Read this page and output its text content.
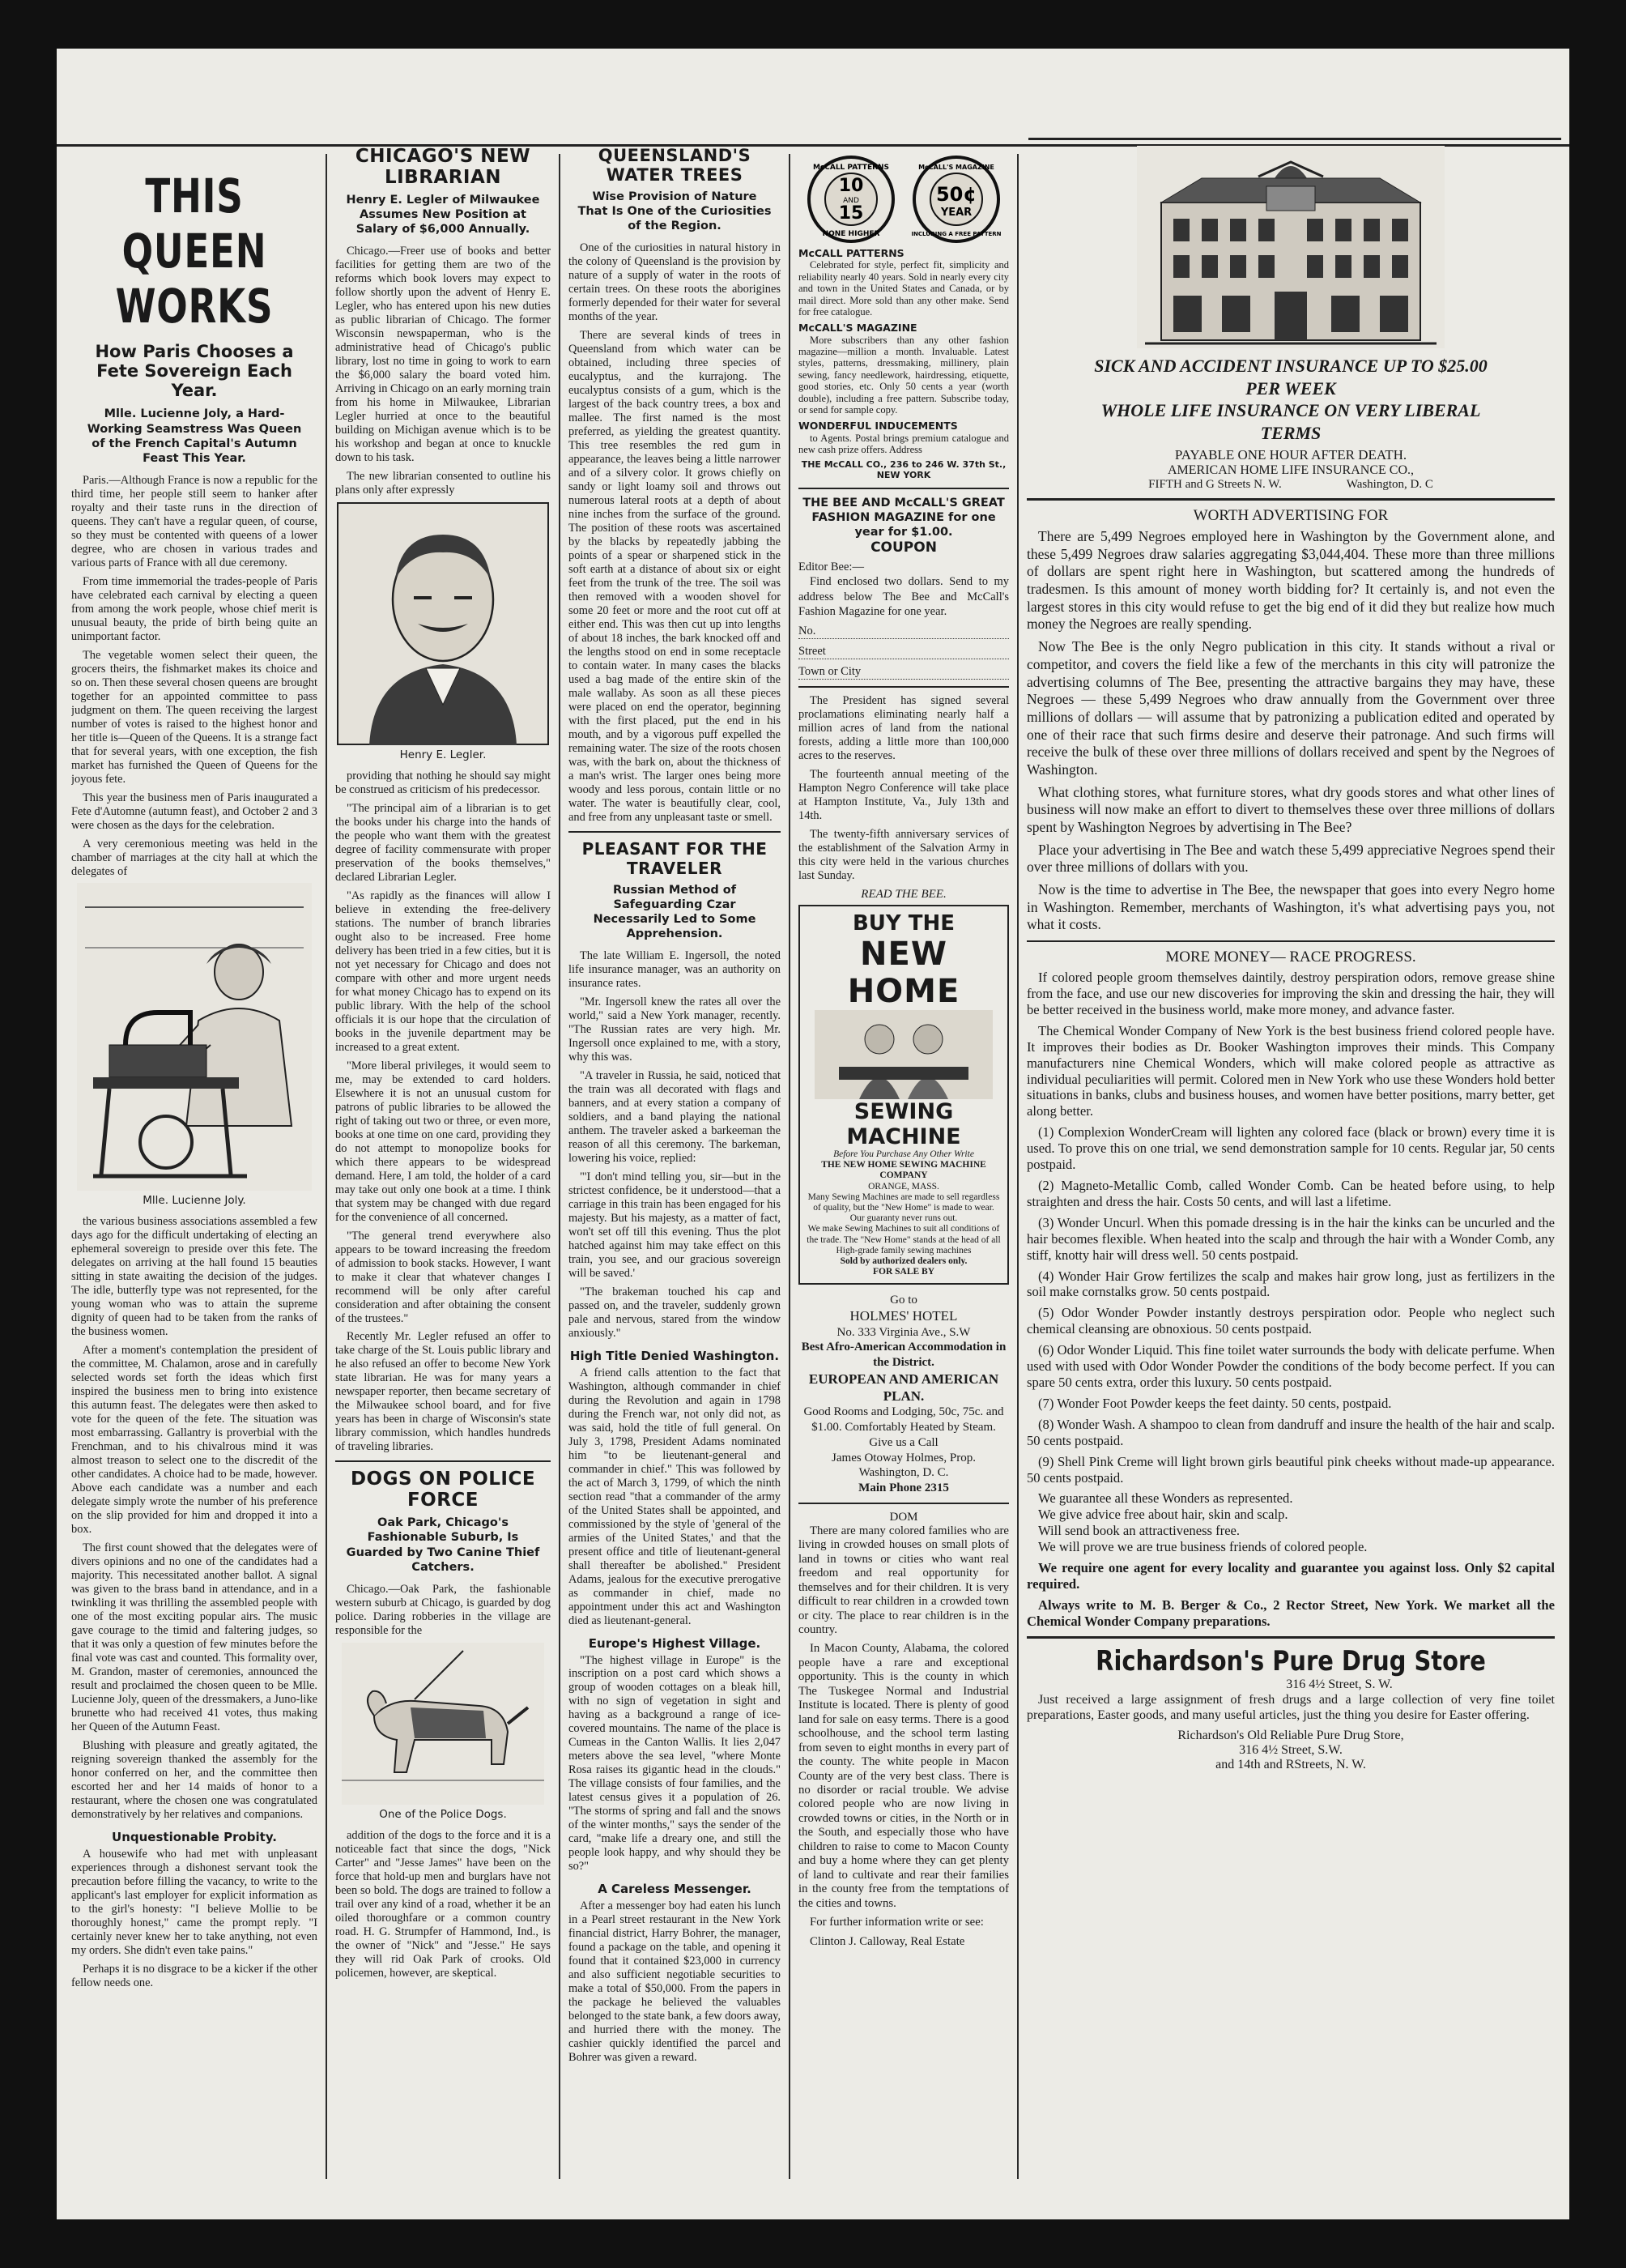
THIS QUEEN WORKS
How Paris Chooses a Fete Sovereign Each Year.
Mlle. Lucienne Joly, a Hard-Working Seamstress Was Queen of the French Capital's Autumn Feast This Year.

Paris.—Although France is now a republic for the third time, her people still seem to hanker after royalty and their taste runs in the direction of queens. They can't have a regular queen, of course, so they must be contented with queens of a lower degree, who are chosen in various trades and various parts of France with all due ceremony.

From time immemorial the trades-people of Paris have celebrated each carnival by electing a queen from among the work people, whose chief merit is unusual beauty, the pride of birth being quite an unimportant factor.

The vegetable women select their queen, the grocers theirs, the fishmarket makes its choice and so on. Then these several chosen queens are brought together for an appointed committee to pass judgment on them. The queen receiving the largest number of votes is raised to the highest honor and her title is—Queen of the Queens. It is a strange fact that for several years, with one exception, the fish market has furnished the Queen of Queens for the joyous fete.

This year the business men of Paris inaugurated a Fete d'Automne (autumn feast), and October 2 and 3 were chosen as the days for the celebration.

A very ceremonious meeting was held in the chamber of marriages at the city hall at which the delegates of

Mlle. Lucienne Joly.

the various business associations assembled a few days ago for the difficult undertaking of electing an ephemeral sovereign to preside over this fete. The delegates on arriving at the hall found 15 beauties sitting in state awaiting the decision of the judges. The idle, butterfly type was not represented, for the young woman who was to attain the supreme dignity of queen had to be taken from the ranks of the business women.

After a moment's contemplation the president of the committee, M. Chalamon, arose and in carefully selected words set forth the ideas which first inspired the business men to bring into existence this autumn feast. The delegates were then asked to vote for the queen of the fete. The situation was most embarrassing. Gallantry is proverbial with the Frenchman, and to his chivalrous mind it was almost treason to select one to the discredit of the other candidates. A choice had to be made, however. Above each candidate was a number and each delegate simply wrote the number of his preference on the slip provided for him and dropped it into a box.

The first count showed that the delegates were of divers opinions and no one of the candidates had a majority. This necessitated another ballot. A signal was given to the brass band in attendance, and in a twinkling it was thrilling the assembled people with one of the most exciting popular airs. The music gave courage to the timid and faltering judges, so that it was only a question of few minutes before the final vote was cast and counted. This formality over, M. Grandon, master of ceremonies, announced the result and proclaimed the chosen queen to be Mlle. Lucienne Joly, queen of the dressmakers, a Juno-like brunette who had received 41 votes, thus making her Queen of the Autumn Feast.

Blushing with pleasure and greatly agitated, the reigning sovereign thanked the assembly for the honor conferred on her, and the committee then escorted her and her 14 maids of honor to a restaurant, where the chosen one was congratulated demonstratively by her relatives and companions.

Unquestionable Probity.

A housewife who had met with unpleasant experiences through a dishonest servant took the precaution before filling the vacancy, to write to the applicant's last employer for explicit information as to the girl's honesty: "I believe Mollie to be thoroughly honest," came the prompt reply. "I certainly never knew her to take anything, not even my orders. She didn't even take pains."

Perhaps it is no disgrace to be a kicker if the other fellow needs one.

CHICAGO'S NEW LIBRARIAN
Henry E. Legler of Milwaukee Assumes New Position at Salary of $6,000 Annually.

Chicago.—Freer use of books and better facilities for getting them are two of the reforms which book lovers may expect to follow shortly upon the advent of Henry E. Legler, who has entered upon his new duties as public librarian of Chicago. The former Wisconsin newspaperman, who is the administrative head of Chicago's public library, lost no time in going to work to earn the $6,000 salary the board voted him. Arriving in Chicago on an early morning train from his home in Milwaukee, Librarian Legler hurried at once to the beautiful building on Michigan avenue which is to be his workshop and began at once to knuckle down to his task.

The new librarian consented to outline his plans only after expressly

Henry E. Legler.

providing that nothing he should say might be construed as criticism of his predecessor.

"The principal aim of a librarian is to get the books under his charge into the hands of the people who want them with the greatest degree of facility commensurate with proper preservation of the books themselves," declared Librarian Legler.

"As rapidly as the finances will allow I believe in extending the free-delivery stations. The number of branch libraries ought also to be increased. Free home delivery has been tried in a few cities, but it is not yet necessary for Chicago and does not compare with other and more urgent needs for what money Chicago has to expend on its public library. With the help of the school officials it is our hope that the circulation of books in the juvenile department may be increased to a great extent.

"More liberal privileges, it would seem to me, may be extended to card holders. Elsewhere it is not an unusual custom for patrons of public libraries to be allowed the right of taking out two or three, or even more, books at one time on one card, providing they do not attempt to monopolize books for which there appears to be widespread demand. Here, I am told, the holder of a card may take out only one book at a time. I think that system may be changed with due regard for the convenience of all concerned.

"The general trend everywhere also appears to be toward increasing the freedom of admission to book stacks. However, I want to make it clear that whatever changes I recommend will be only after careful consideration and after obtaining the consent of the trustees."

Recently Mr. Legler refused an offer to take charge of the St. Louis public library and he also refused an offer to become New York state librarian. He was for many years a newspaper reporter, then became secretary of the Milwaukee school board, and for five years has been in charge of Wisconsin's state library commission, which handles hundreds of traveling libraries.

DOGS ON POLICE FORCE
Oak Park, Chicago's Fashionable Suburb, Is Guarded by Two Canine Thief Catchers.

Chicago.—Oak Park, the fashionable western suburb at Chicago, is guarded by dog police. Daring robberies in the village are responsible for the

One of the Police Dogs.

addition of the dogs to the force and it is a noticeable fact that since the dogs, "Nick Carter" and "Jesse James" have been on the force that hold-up men and burglars have not been so bold. The dogs are trained to follow a trail over any kind of a road, whether it be an oiled thoroughfare or a common country road. H. G. Strumpfer of Hammond, Ind., is the owner of "Nick" and "Jesse." He says they will rid Oak Park of crooks. Old policemen, however, are skeptical.

QUEENSLAND'S WATER TREES
Wise Provision of Nature That Is One of the Curiosities of the Region.

One of the curiosities in natural history in the colony of Queensland is the provision by nature of a supply of water in the roots of certain trees. On these roots the aborigines formerly depended for their water for several months of the year.

There are several kinds of trees in Queensland from which water can be obtained, including three species of eucalyptus, and the kurrajong. The eucalyptus consists of a gum, which is the largest of the back country trees, a box and mallee. The first named is the most preferred, as yielding the greatest quantity. This tree resembles the red gum in appearance, the leaves being a little narrower and of a silvery color. It grows chiefly on sandy or light loamy soil and throws out numerous lateral roots at a depth of about nine inches from the surface of the ground. The position of these roots was ascertained by the blacks by repeatedly jabbing the points of a spear or sharpened stick in the soft earth at a distance of about six or eight feet from the trunk of the tree. The soil was then removed with a wooden shovel for some 20 feet or more and the root cut off at either end. This was then cut up into lengths of about 18 inches, the bark knocked off and the lengths stood on end in some receptacle to contain water. In many cases the blacks used a bag made of the entire skin of the male wallaby. As soon as all these pieces were placed on end the operator, beginning with the first placed, put the end in his mouth, and by a vigorous puff expelled the remaining water. The size of the roots chosen was, with the bark on, about the thickness of a man's wrist. The larger ones being more woody and less porous, contain little or no water. The water is beautifully clear, cool, and free from any unpleasant taste or smell.

PLEASANT FOR THE TRAVELER
Russian Method of Safeguarding Czar Necessarily Led to Some Apprehension.

The late William E. Ingersoll, the noted life insurance manager, was an authority on insurance rates.

"Mr. Ingersoll knew the rates all over the world," said a New York manager, recently. "The Russian rates are very high. Mr. Ingersoll once explained to me, with a story, why this was.

"A traveler in Russia, he said, noticed that the train was all decorated with flags and banners, and at every station a company of soldiers, and a band playing the national anthem. The traveler asked a barkeeman the reason of all this ceremony. The barkeman, lowering his voice, replied:

"'I don't mind telling you, sir—but in the strictest confidence, be it understood—that a carriage in this train has been engaged for his majesty. But his majesty, as a matter of fact, won't set off till this evening. Thus the plot hatched against him may take effect on this train, you see, and our gracious sovereign will be saved.'

"The brakeman touched his cap and passed on, and the traveler, suddenly grown pale and nervous, stared from the window anxiously."

High Title Denied Washington.

A friend calls attention to the fact that Washington, although commander in chief during the Revolution and again in 1798 during the French war, not only did not, as was said, hold the title of full general. On July 3, 1798, President Adams nominated him "to be lieutenant-general and commander in chief." This was followed by the act of March 3, 1799, of which the ninth section read "that a commander of the army of the United States shall be appointed, and commissioned by the style of 'general of the armies of the United States,' and that the present office and title of lieutenant-general shall thereafter be abolished." President Adams, jealous for the executive prerogative as commander in chief, made no appointment under this act and Washington died as lieutenant-general.

Europe's Highest Village.

"The highest village in Europe" is the inscription on a post card which shows a group of wooden cottages on a bleak hill, with no sign of vegetation in sight and having as a background a range of ice-covered mountains. The name of the place is Cumeas in the Canton Wallis. It lies 2,047 meters above the sea level, "where Monte Rosa raises its gigantic head in the clouds." The village consists of four families, and the latest census gives it a population of 26. "The storms of spring and fall and the snows of the winter months," says the sender of the card, "make life a dreary one, and still the people look happy, and why should they be so?"

A Careless Messenger.

After a messenger boy had eaten his lunch in a Pearl street restaurant in the New York financial district, Harry Bohrer, the manager, found a package on the table, and opening it found that it contained $23,000 in currency and also sufficient negotiable securities to make a total of $50,000. From the papers in the package he believed the valuables belonged to the state bank, a few doors away, and hurried there with the money. The cashier quickly identified the parcel and Bohrer was given a reward.

10
AND
15
McCALL PATTERNS
NONE HIGHER
50¢
YEAR
McCALL'S MAGAZINE
INCLUDING A FREE PATTERN
McCALL PATTERNS

Celebrated for style, perfect fit, simplicity and reliability nearly 40 years. Sold in nearly every city and town in the United States and Canada, or by mail direct. More sold than any other make. Send for free catalogue.

McCALL'S MAGAZINE

More subscribers than any other fashion magazine—million a month. Invaluable. Latest styles, patterns, dressmaking, millinery, plain sewing, fancy needlework, hairdressing, etiquette, good stories, etc. Only 50 cents a year (worth double), including a free pattern. Subscribe today, or send for sample copy.

WONDERFUL INDUCEMENTS

to Agents. Postal brings premium catalogue and new cash prize offers. Address

THE McCALL CO., 236 to 246 W. 37th St., NEW YORK
THE BEE AND McCALL'S GREAT FASHION MAGAZINE for one year for $1.00.
COUPON
Editor Bee:—

Find enclosed two dollars. Send to my address below The Bee and McCall's Fashion Magazine for one year.

No.
Street
Town or City

The President has signed several proclamations eliminating nearly half a million acres of land from the national forests, adding a little more than 100,000 acres to the reserves.

The fourteenth annual meeting of the Hampton Negro Conference will take place at Hampton Institute, Va., July 13th and 14th.

The twenty-fifth anniversary services of the establishment of the Salvation Army in this city were held in the various churches last Sunday.

READ THE BEE.
BUY THE
NEW HOME
SEWING MACHINE
Before You Purchase Any Other Write
THE NEW HOME SEWING MACHINE COMPANY
ORANGE, MASS.
Many Sewing Machines are made to sell regardless of quality, but the "New Home" is made to wear. Our guaranty never runs out.
We make Sewing Machines to suit all conditions of the trade. The "New Home" stands at the head of all High-grade family sewing machines
Sold by authorized dealers only.
FOR SALE BY
Go to
HOLMES' HOTEL
No. 333 Virginia Ave., S.W
Best Afro-American Accommodation in the District.
EUROPEAN AND AMERICAN PLAN.
Good Rooms and Lodging, 50c, 75c. and $1.00. Comfortably Heated by Steam. Give us a Call
James Otoway Holmes, Prop.
Washington, D. C.
Main Phone 2315
DOM

There are many colored families who are living in crowded houses on small plots of land in towns or cities who want real freedom and real opportunity for themselves and for their children. It is very difficult to rear children in a crowded town or city. The place to rear children is in the country.

In Macon County, Alabama, the colored people have a rare and exceptional opportunity. This is the county in which The Tuskegee Normal and Industrial Institute is located. There is plenty of good land for sale on easy terms. There is a good schoolhouse, and the school term lasting from seven to eight months in every part of the county. The white people in Macon County are of the very best class. There is no disorder or racial trouble. We advise colored people who are now living in crowded towns or cities, in the North or in the South, and especially those who have children to raise to come to Macon County and buy a home where they can get plenty of land to cultivate and rear their families in the county free from the temptations of the cities and towns.

For further information write or see:

Clinton J. Calloway, Real Estate

SICK AND ACCIDENT INSURANCE UP TO $25.00 PER WEEK
WHOLE LIFE INSURANCE ON VERY LIBERAL TERMS
PAYABLE ONE HOUR AFTER DEATH.
AMERICAN HOME LIFE INSURANCE CO.,
FIFTH and G Streets N. W.	Washington, D. C
WORTH ADVERTISING FOR

There are 5,499 Negroes employed here in Washington by the Government alone, and these 5,499 Negroes draw salaries aggregating $3,044,404. These more than three millions of dollars are spent right here in Washington, but scattered among the hundreds of tradesmen. Is this amount of money worth bidding for? It certainly is, and not even the largest stores in this city would refuse to get the big end of it did they but realize how much money the Negroes are really spending.

Now The Bee is the only Negro publication in this city. It stands without a rival or competitor, and covers the field like a few of the merchants in this city will patronize the advertising columns of The Bee, presenting the attractive bargains they may have, these Negroes — these 5,499 Negroes who draw annually from the Government over three millions of dollars — will assume that by patronizing a publication edited and operated by one of their race that such firms desire and deserve their patronage. And such firms will receive the bulk of these over three millions of dollars received and spent by the Negroes of Washington.

What clothing stores, what furniture stores, what dry goods stores and what other lines of business will now make an effort to divert to themselves these over three millions of dollars spent by Washington Negroes by advertising in The Bee?

Place your advertising in The Bee and watch these 5,499 appreciative Negroes spend their over three millions of dollars with you.

Now is the time to advertise in The Bee, the newspaper that goes into every Negro home in Washington. Remember, merchants of Washington, it's what advertising pays you, not what it costs.

MORE MONEY— RACE PROGRESS.

If colored people groom themselves daintily, destroy perspiration odors, remove grease shine from the face, and use our new discoveries for improving the skin and dressing the hair, they will be better received in the business world, make more money, and advance faster.

The Chemical Wonder Company of New York is the best business friend colored people have. It improves their bodies as Dr. Booker Washington improves their minds. This Company manufacturers nine Chemical Wonders, which will make colored people as attractive as individual peculiarities will permit. Colored men in New York who use these Wonders hold better situations in banks, clubs and business houses, and women have better positions, marry better, get along better.

(1) Complexion WonderCream will lighten any colored face (black or brown) every time it is used. To prove this on one trial, we send demonstration sample for 10 cents. Regular jar, 50 cents postpaid.

(2) Magneto-Metallic Comb, called Wonder Comb. Can be heated before using, to help straighten and dress the hair. Costs 50 cents, and will last a lifetime.

(3) Wonder Uncurl. When this pomade dressing is in the hair the kinks can be uncurled and the hair becomes flexible. When heated into the scalp and through the hair with a Wonder Comb, any stiff, knotty hair will dress well. 50 cents postpaid.

(4) Wonder Hair Grow fertilizes the scalp and makes hair grow long, just as fertilizers in the soil make cornstalks grow. 50 cents postpaid.

(5) Odor Wonder Powder instantly destroys perspiration odor. People who neglect such chemical cleansing are obnoxious. 50 cents postpaid.

(6) Odor Wonder Liquid. This fine toilet water surrounds the body with delicate perfume. When used with used with Odor Wonder Powder the conditions of the body become perfect. If you can spare 50 cents extra, order this luxury. 50 cents postpaid.

(7) Wonder Foot Powder keeps the feet dainty. 50 cents, postpaid.

(8) Wonder Wash. A shampoo to clean from dandruff and insure the health of the hair and scalp. 50 cents postpaid.

(9) Shell Pink Creme will light brown girls beautiful pink cheeks without made-up appearance. 50 cents postpaid.

We guarantee all these Wonders as represented.

We give advice free about hair, skin and scalp.

Will send book an attractiveness free.

We will prove we are true business friends of colored people.

We require one agent for every locality and guarantee you against loss. Only $2 capital required.

Always write to M. B. Berger & Co., 2 Rector Street, New York. We market all the Chemical Wonder Company preparations.

Richardson's Pure Drug Store
316 4½ Street, S. W.

Just received a large assignment of fresh drugs and a large collection of very fine toilet preparations, Easter goods, and many useful articles, just the thing you desire for Easter offering.

Richardson's Old Reliable Pure Drug Store,
316 4½ Street, S.W.
and 14th and RStreets, N. W.
